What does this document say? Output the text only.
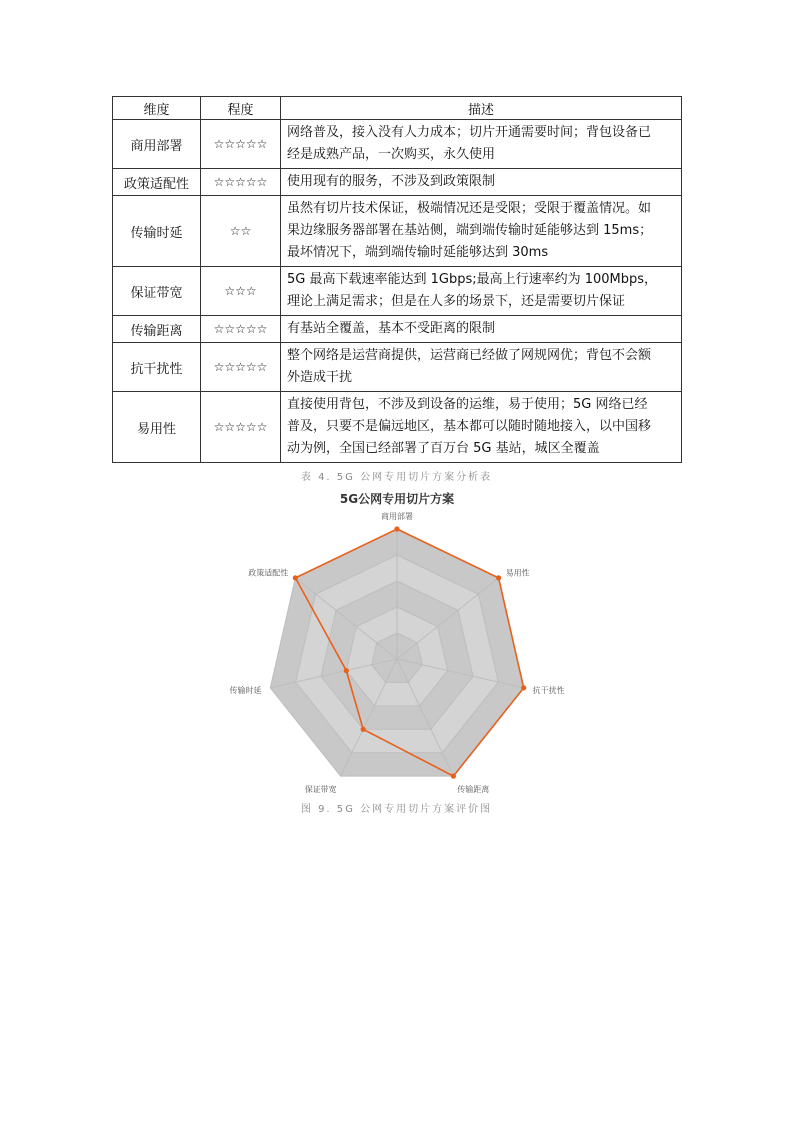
维度	程度	描述
商用部署	☆☆☆☆☆	网络普及，接入没有人力成本；切片开通需要时间；背包设备已
经是成熟产品，一次购买，永久使用

政策适配性	☆☆☆☆☆	使用现有的服务，不涉及到政策限制

传输时延	☆☆	虽然有切片技术保证，极端情况还是受限；受限于覆盖情况。如
果边缘服务器部署在基站侧，端到端传输时延能够达到 15ms；
最坏情况下，端到端传输时延能够达到 30ms

保证带宽	☆☆☆	5G 最高下载速率能达到 1Gbps;最高上行速率约为 100Mbps，
理论上满足需求；但是在人多的场景下，还是需要切片保证

传输距离	☆☆☆☆☆	有基站全覆盖，基本不受距离的限制

抗干扰性	☆☆☆☆☆	整个网络是运营商提供，运营商已经做了网规网优；背包不会额
外造成干扰

易用性	☆☆☆☆☆	直接使用背包，不涉及到设备的运维，易于使用；5G 网络已经
普及，只要不是偏远地区，基本都可以随时随地接入，以中国移
动为例，全国已经部署了百万台 5G 基站，城区全覆盖
表 4. 5G 公网专用切片方案分析表
5G公网专用切片方案
商用部署
易用性
抗干扰性
传输距离
保证带宽
传输时延
政策适配性
图 9. 5G 公网专用切片方案评价图
